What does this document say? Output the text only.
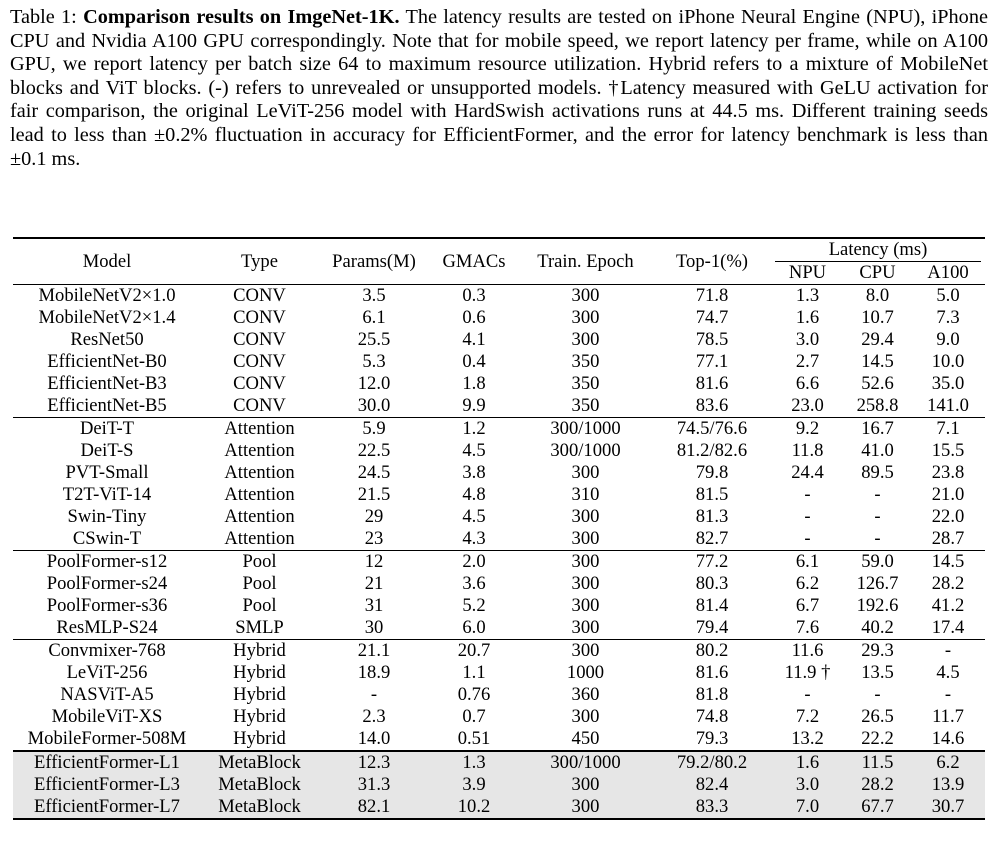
Table 1: Comparison results on ImgeNet-1K. The latency results are tested on iPhone Neural Engine (NPU), iPhone CPU and Nvidia A100 GPU correspondingly. Note that for mobile speed, we report latency per frame, while on A100 GPU, we report latency per batch size 64 to maximum resource utilization. Hybrid refers to a mixture of MobileNet blocks and ViT blocks. (-) refers to unrevealed or unsupported models. †Latency measured with GeLU activation for fair comparison, the original LeViT-256 model with HardSwish activations runs at 44.5 ms. Different training seeds lead to less than ±0.2% fluctuation in accuracy for EfficientFormer, and the error for latency benchmark is less than ±0.1 ms.
Model	Type	Params(M)	GMACs	Train. Epoch	Top-1(%)	Latency (ms)		

						NPU	CPU	A100
MobileNetV2×1.0	CONV	3.5	0.3	300	71.8	1.3	8.0	5.0
MobileNetV2×1.4	CONV	6.1	0.6	300	74.7	1.6	10.7	7.3
ResNet50	CONV	25.5	4.1	300	78.5	3.0	29.4	9.0
EfficientNet-B0	CONV	5.3	0.4	350	77.1	2.7	14.5	10.0
EfficientNet-B3	CONV	12.0	1.8	350	81.6	6.6	52.6	35.0
EfficientNet-B5	CONV	30.0	9.9	350	83.6	23.0	258.8	141.0
DeiT-T	Attention	5.9	1.2	300/1000	74.5/76.6	9.2	16.7	7.1
DeiT-S	Attention	22.5	4.5	300/1000	81.2/82.6	11.8	41.0	15.5
PVT-Small	Attention	24.5	3.8	300	79.8	24.4	89.5	23.8
T2T-ViT-14	Attention	21.5	4.8	310	81.5	-	-	21.0
Swin-Tiny	Attention	29	4.5	300	81.3	-	-	22.0
CSwin-T	Attention	23	4.3	300	82.7	-	-	28.7
PoolFormer-s12	Pool	12	2.0	300	77.2	6.1	59.0	14.5
PoolFormer-s24	Pool	21	3.6	300	80.3	6.2	126.7	28.2
PoolFormer-s36	Pool	31	5.2	300	81.4	6.7	192.6	41.2
ResMLP-S24	SMLP	30	6.0	300	79.4	7.6	40.2	17.4
Convmixer-768	Hybrid	21.1	20.7	300	80.2	11.6	29.3	-
LeViT-256	Hybrid	18.9	1.1	1000	81.6	11.9 †	13.5	4.5
NASViT-A5	Hybrid	-	0.76	360	81.8	-	-	-
MobileViT-XS	Hybrid	2.3	0.7	300	74.8	7.2	26.5	11.7
MobileFormer-508M	Hybrid	14.0	0.51	450	79.3	13.2	22.2	14.6
EfficientFormer-L1	MetaBlock	12.3	1.3	300/1000	79.2/80.2	1.6	11.5	6.2
EfficientFormer-L3	MetaBlock	31.3	3.9	300	82.4	3.0	28.2	13.9
EfficientFormer-L7	MetaBlock	82.1	10.2	300	83.3	7.0	67.7	30.7
